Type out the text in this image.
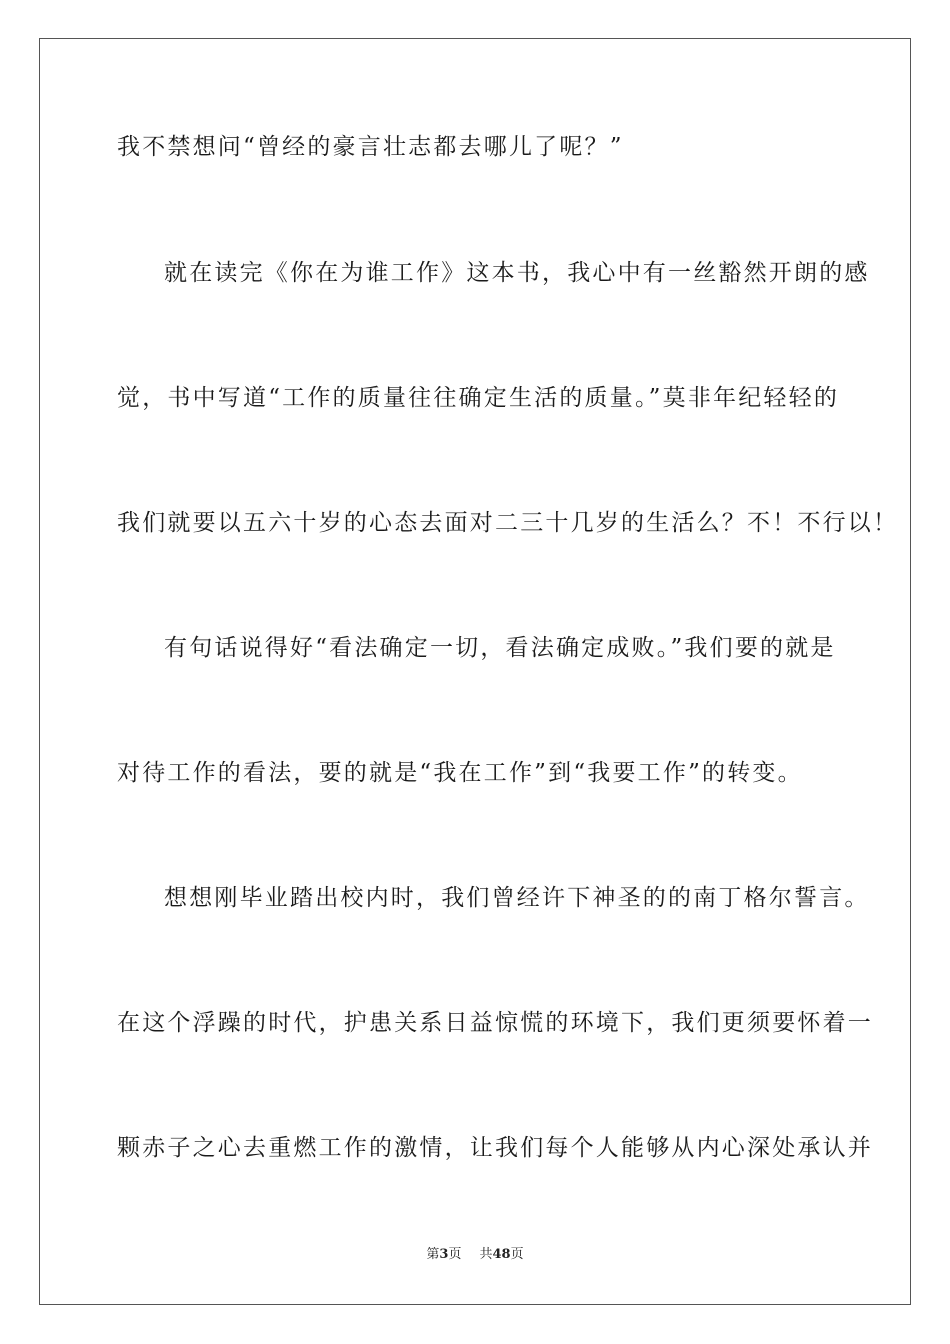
我不禁想问“曾经的豪言壮志都去哪儿了呢？”
就在读完《你在为谁工作》这本书，我心中有一丝豁然开朗的感
觉，书中写道“工作的质量往往确定生活的质量。”莫非年纪轻轻的
我们就要以五六十岁的心态去面对二三十几岁的生活么？不！不行以！
有句话说得好“看法确定一切，看法确定成败。”我们要的就是
对待工作的看法，要的就是“我在工作”到“我要工作”的转变。
想想刚毕业踏出校内时，我们曾经许下神圣的的南丁格尔誓言。
在这个浮躁的时代，护患关系日益惊慌的环境下，我们更须要怀着一
颗赤子之心去重燃工作的激情，让我们每个人能够从内心深处承认并
第3页 共48页
